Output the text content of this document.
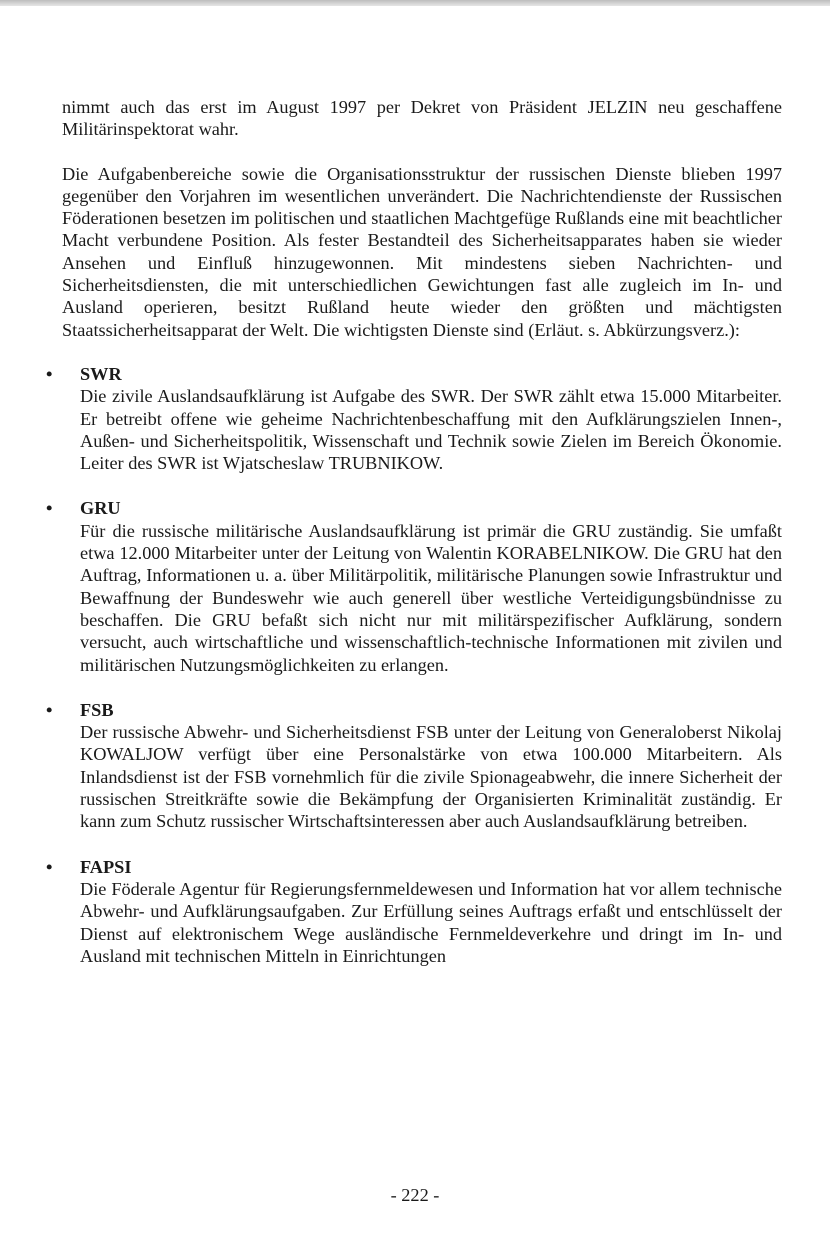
nimmt auch das erst im August 1997 per Dekret von Präsident JELZIN neu geschaffene Militärinspektorat wahr.

Die Aufgabenbereiche sowie die Organisationsstruktur der russischen Dienste blieben 1997 gegenüber den Vorjahren im wesentlichen unverändert. Die Nachrichtendienste der Russischen Föderationen besetzen im politischen und staatlichen Machtgefüge Rußlands eine mit beachtlicher Macht verbundene Position. Als fester Bestandteil des Sicherheitsapparates haben sie wieder Ansehen und Einfluß hinzugewonnen. Mit mindestens sieben Nachrichten- und Sicherheitsdiensten, die mit unterschiedlichen Gewichtungen fast alle zugleich im In- und Ausland operieren, besitzt Rußland heute wieder den größten und mächtigsten Staatssicherheitsapparat der Welt. Die wichtigsten Dienste sind (Erläut. s. Abkürzungsverz.):

• SWR
Die zivile Auslandsaufklärung ist Aufgabe des SWR. Der SWR zählt etwa 15.000 Mitarbeiter. Er betreibt offene wie geheime Nachrichtenbeschaffung mit den Aufklärungszielen Innen-, Außen- und Sicherheitspolitik, Wissenschaft und Technik sowie Zielen im Bereich Ökonomie. Leiter des SWR ist Wjatscheslaw TRUBNIKOW.
• GRU
Für die russische militärische Auslandsaufklärung ist primär die GRU zuständig. Sie umfaßt etwa 12.000 Mitarbeiter unter der Leitung von Walentin KORABELNIKOW. Die GRU hat den Auftrag, Informationen u. a. über Militärpolitik, militärische Planungen sowie Infrastruktur und Bewaffnung der Bundeswehr wie auch generell über westliche Verteidigungsbündnisse zu beschaffen. Die GRU befaßt sich nicht nur mit militärspezifischer Aufklärung, sondern versucht, auch wirtschaftliche und wissenschaftlich-technische Informationen mit zivilen und militärischen Nutzungsmöglichkeiten zu erlangen.
• FSB
Der russische Abwehr- und Sicherheitsdienst FSB unter der Leitung von Generaloberst Nikolaj KOWALJOW verfügt über eine Personalstärke von etwa 100.000 Mitarbeitern. Als Inlandsdienst ist der FSB vornehmlich für die zivile Spionageabwehr, die innere Sicherheit der russischen Streitkräfte sowie die Bekämpfung der Organisierten Kriminalität zuständig. Er kann zum Schutz russischer Wirtschaftsinteressen aber auch Auslandsaufklärung betreiben.
• FAPSI
Die Föderale Agentur für Regierungsfernmeldewesen und Information hat vor allem technische Abwehr- und Aufklärungsaufgaben. Zur Erfüllung seines Auftrags erfaßt und entschlüsselt der Dienst auf elektronischem Wege ausländische Fernmeldeverkehre und dringt im In- und Ausland mit technischen Mitteln in Einrichtungen
- 222 -
